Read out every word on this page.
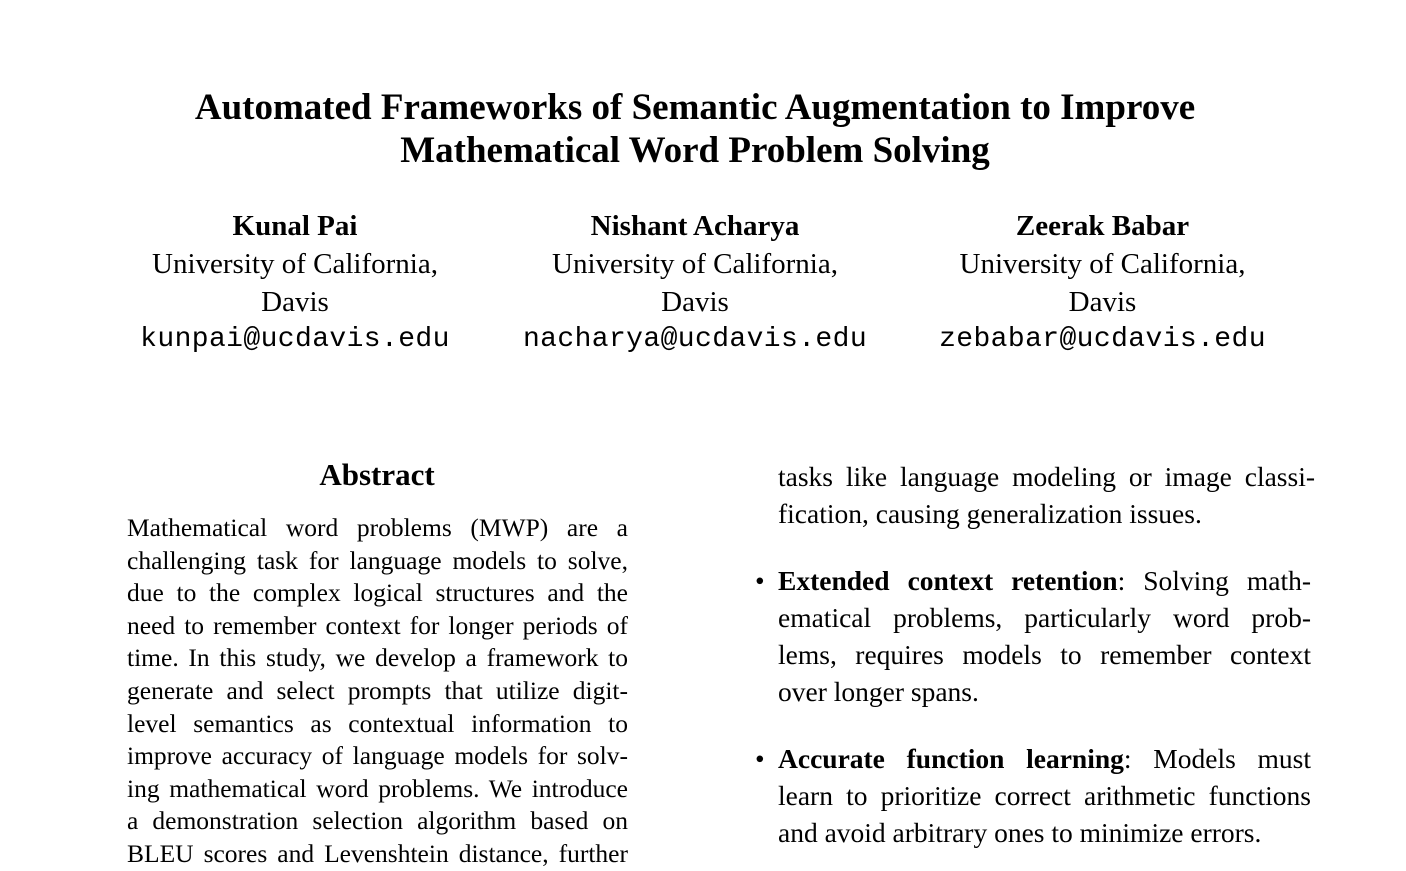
Automated Frameworks of Semantic Augmentation to Improve
Mathematical Word Problem Solving
Kunal Pai
University of California,
Davis
kunpai@ucdavis.edu
Nishant Acharya
University of California,
Davis
nacharya@ucdavis.edu
Zeerak Babar
University of California,
Davis
zebabar@ucdavis.edu
Abstract
Mathematical word problems (MWP) are a
challenging task for language models to solve,
due to the complex logical structures and the
need to remember context for longer periods of
time. In this study, we develop a framework to
generate and select prompts that utilize digit-
level semantics as contextual information to
improve accuracy of language models for solv-
ing mathematical word problems. We introduce
a demonstration selection algorithm based on
BLEU scores and Levenshtein distance, further
tasks like language modeling or image classi-
fication, causing generalization issues.
• Extended context retention: Solving math-
ematical problems, particularly word prob-
lems, requires models to remember context
over longer spans.
• Accurate function learning: Models must
learn to prioritize correct arithmetic functions
and avoid arbitrary ones to minimize errors.
